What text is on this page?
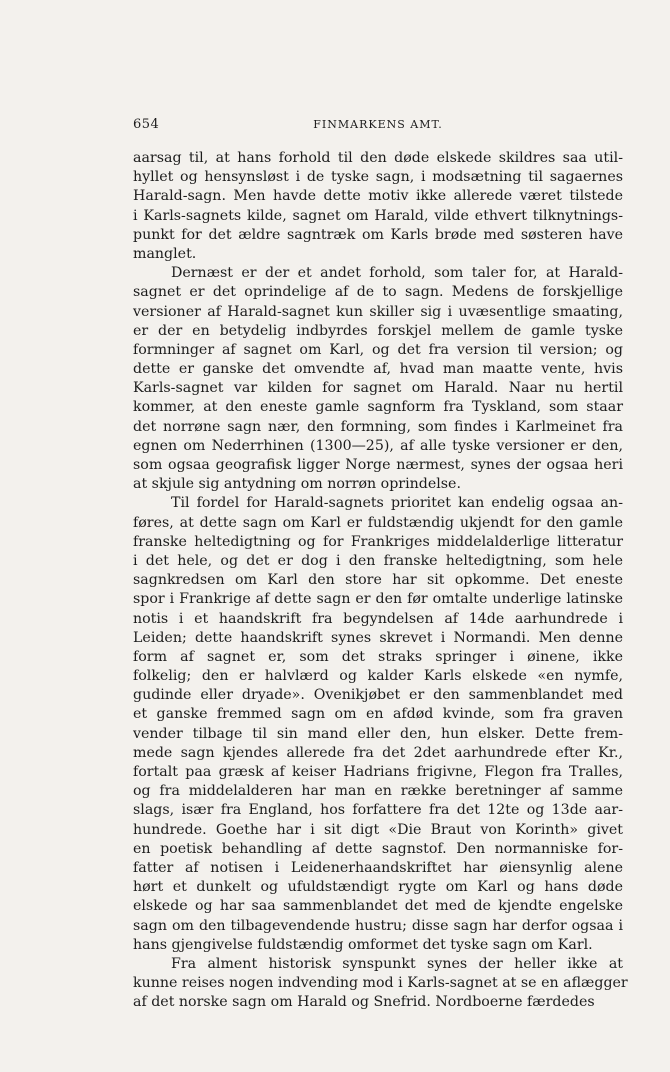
654	FINMARKENS AMT.
aarsag til, at hans forhold til den døde elskede skildres saa util-
hyllet og hensynsløst i de tyske sagn, i modsætning til sagaernes
Harald-sagn. Men havde dette motiv ikke allerede været tilstede
i Karls-sagnets kilde, sagnet om Harald, vilde ethvert tilknytnings-
punkt for det ældre sagntræk om Karls brøde med søsteren have
manglet.
Dernæst er der et andet forhold, som taler for, at Harald-
sagnet er det oprindelige af de to sagn. Medens de forskjellige
versioner af Harald-sagnet kun skiller sig i uvæsentlige smaating,
er der en betydelig indbyrdes forskjel mellem de gamle tyske
formninger af sagnet om Karl, og det fra version til version; og
dette er ganske det omvendte af, hvad man maatte vente, hvis
Karls-sagnet var kilden for sagnet om Harald. Naar nu hertil
kommer, at den eneste gamle sagnform fra Tyskland, som staar
det norrøne sagn nær, den formning, som findes i Karlmeinet fra
egnen om Nederrhinen (1300—25), af alle tyske versioner er den,
som ogsaa geografisk ligger Norge nærmest, synes der ogsaa heri
at skjule sig antydning om norrøn oprindelse.
Til fordel for Harald-sagnets prioritet kan endelig ogsaa an-
føres, at dette sagn om Karl er fuldstændig ukjendt for den gamle
franske heltedigtning og for Frankriges middelalderlige litteratur
i det hele, og det er dog i den franske heltedigtning, som hele
sagnkredsen om Karl den store har sit opkomme. Det eneste
spor i Frankrige af dette sagn er den før omtalte underlige latinske
notis i et haandskrift fra begyndelsen af 14de aarhundrede i
Leiden; dette haandskrift synes skrevet i Normandi. Men denne
form af sagnet er, som det straks springer i øinene, ikke
folkelig; den er halvlærd og kalder Karls elskede «en nymfe,
gudinde eller dryade». Ovenikjøbet er den sammenblandet med
et ganske fremmed sagn om en afdød kvinde, som fra graven
vender tilbage til sin mand eller den, hun elsker. Dette frem-
mede sagn kjendes allerede fra det 2det aarhundrede efter Kr.,
fortalt paa græsk af keiser Hadrians frigivne, Flegon fra Tralles,
og fra middelalderen har man en række beretninger af samme
slags, især fra England, hos forfattere fra det 12te og 13de aar-
hundrede. Goethe har i sit digt «Die Braut von Korinth» givet
en poetisk behandling af dette sagnstof. Den normanniske for-
fatter af notisen i Leidenerhaandskriftet har øiensynlig alene
hørt et dunkelt og ufuldstændigt rygte om Karl og hans døde
elskede og har saa sammenblandet det med de kjendte engelske
sagn om den tilbagevendende hustru; disse sagn har derfor ogsaa i
hans gjengivelse fuldstændig omformet det tyske sagn om Karl.
Fra alment historisk synspunkt synes der heller ikke at
kunne reises nogen indvending mod i Karls-sagnet at se en aflægger
af det norske sagn om Harald og Snefrid. Nordboerne færdedes
